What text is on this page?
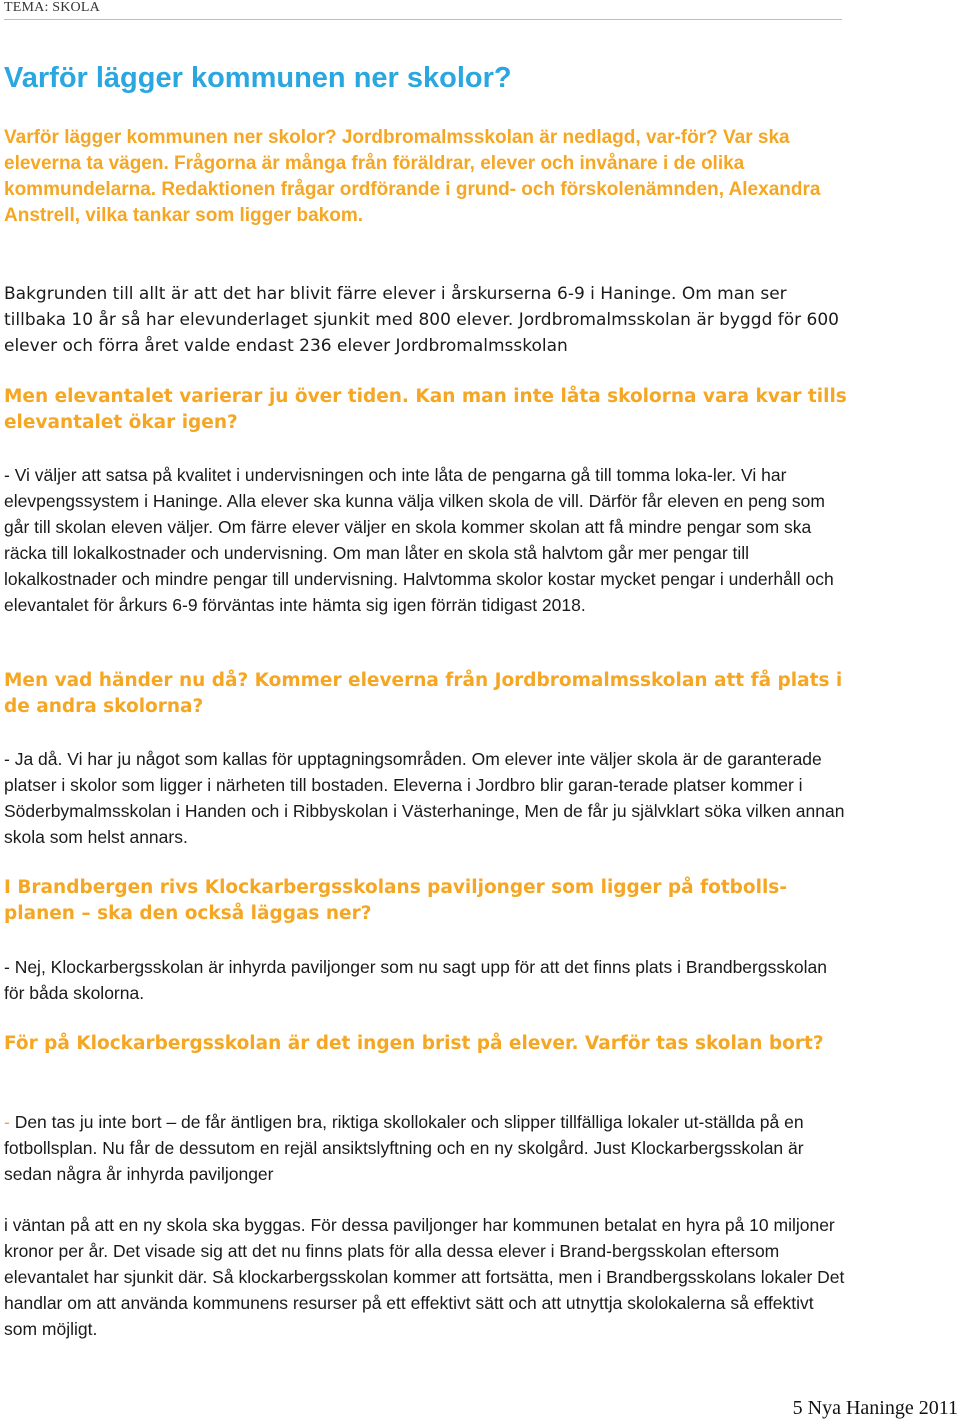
TEMA: SKOLA
Varför lägger kommunen ner skolor?
Varför lägger kommunen ner skolor? Jordbromalmsskolan är nedlagd, var-för? Var ska eleverna ta vägen. Frågorna är många från föräldrar, elever och invånare i de olika kommundelarna. Redaktionen frågar ordförande i grund- och förskolenämnden, Alexandra Anstrell, vilka tankar som ligger bakom.
Bakgrunden till allt är att det har blivit färre elever i årskurserna 6-9 i Haninge. Om man ser tillbaka 10 år så har elevunderlaget sjunkit med 800 elever. Jordbromalmsskolan är byggd för 600 elever och förra året valde endast 236 elever Jordbromalmsskolan
Men elevantalet varierar ju över tiden. Kan man inte låta skolorna vara kvar tills elevantalet ökar igen?
- Vi väljer att satsa på kvalitet i undervisningen och inte låta de pengarna gå till tomma loka-ler. Vi har elevpengssystem i Haninge. Alla elever ska kunna välja vilken skola de vill. Därför får eleven en peng som går till skolan eleven väljer. Om färre elever väljer en skola kommer skolan att få mindre pengar som ska räcka till lokalkostnader och undervisning. Om man låter en skola stå halvtom går mer pengar till lokalkostnader och mindre pengar till undervisning. Halvtomma skolor kostar mycket pengar i underhåll och elevantalet för årkurs 6-9 förväntas inte hämta sig igen förrän tidigast 2018.
Men vad händer nu då? Kommer eleverna från Jordbromalmsskolan att få plats i de andra skolorna?
- Ja då. Vi har ju något som kallas för upptagningsområden. Om elever inte väljer skola är de garanterade platser i skolor som ligger i närheten till bostaden. Eleverna i Jordbro blir garan-terade platser kommer i Söderbymalmsskolan i Handen och i Ribbyskolan i Västerhaninge, Men de får ju självklart söka vilken annan skola som helst annars.
I Brandbergen rivs Klockarbergsskolans paviljonger som ligger på fotbolls-planen – ska den också läggas ner?
- Nej, Klockarbergsskolan är inhyrda paviljonger som nu sagt upp för att det finns plats i Brandbergsskolan för båda skolorna.
För på Klockarbergsskolan är det ingen brist på elever. Varför tas skolan bort?
- Den tas ju inte bort – de får äntligen bra, riktiga skollokaler och slipper tillfälliga lokaler ut-ställda på en fotbollsplan. Nu får de dessutom en rejäl ansiktslyftning och en ny skolgård. Just Klockarbergsskolan är sedan några år inhyrda paviljonger
i väntan på att en ny skola ska byggas. För dessa paviljonger har kommunen betalat en hyra på 10 miljoner kronor per år. Det visade sig att det nu finns plats för alla dessa elever i Brand-bergsskolan eftersom elevantalet har sjunkit där. Så klockarbergsskolan kommer att fortsätta, men i Brandbergsskolans lokaler Det handlar om att använda kommunens resurser på ett effektivt sätt och att utnyttja skolokalerna så effektivt som möjligt.
5 Nya Haninge 2011
